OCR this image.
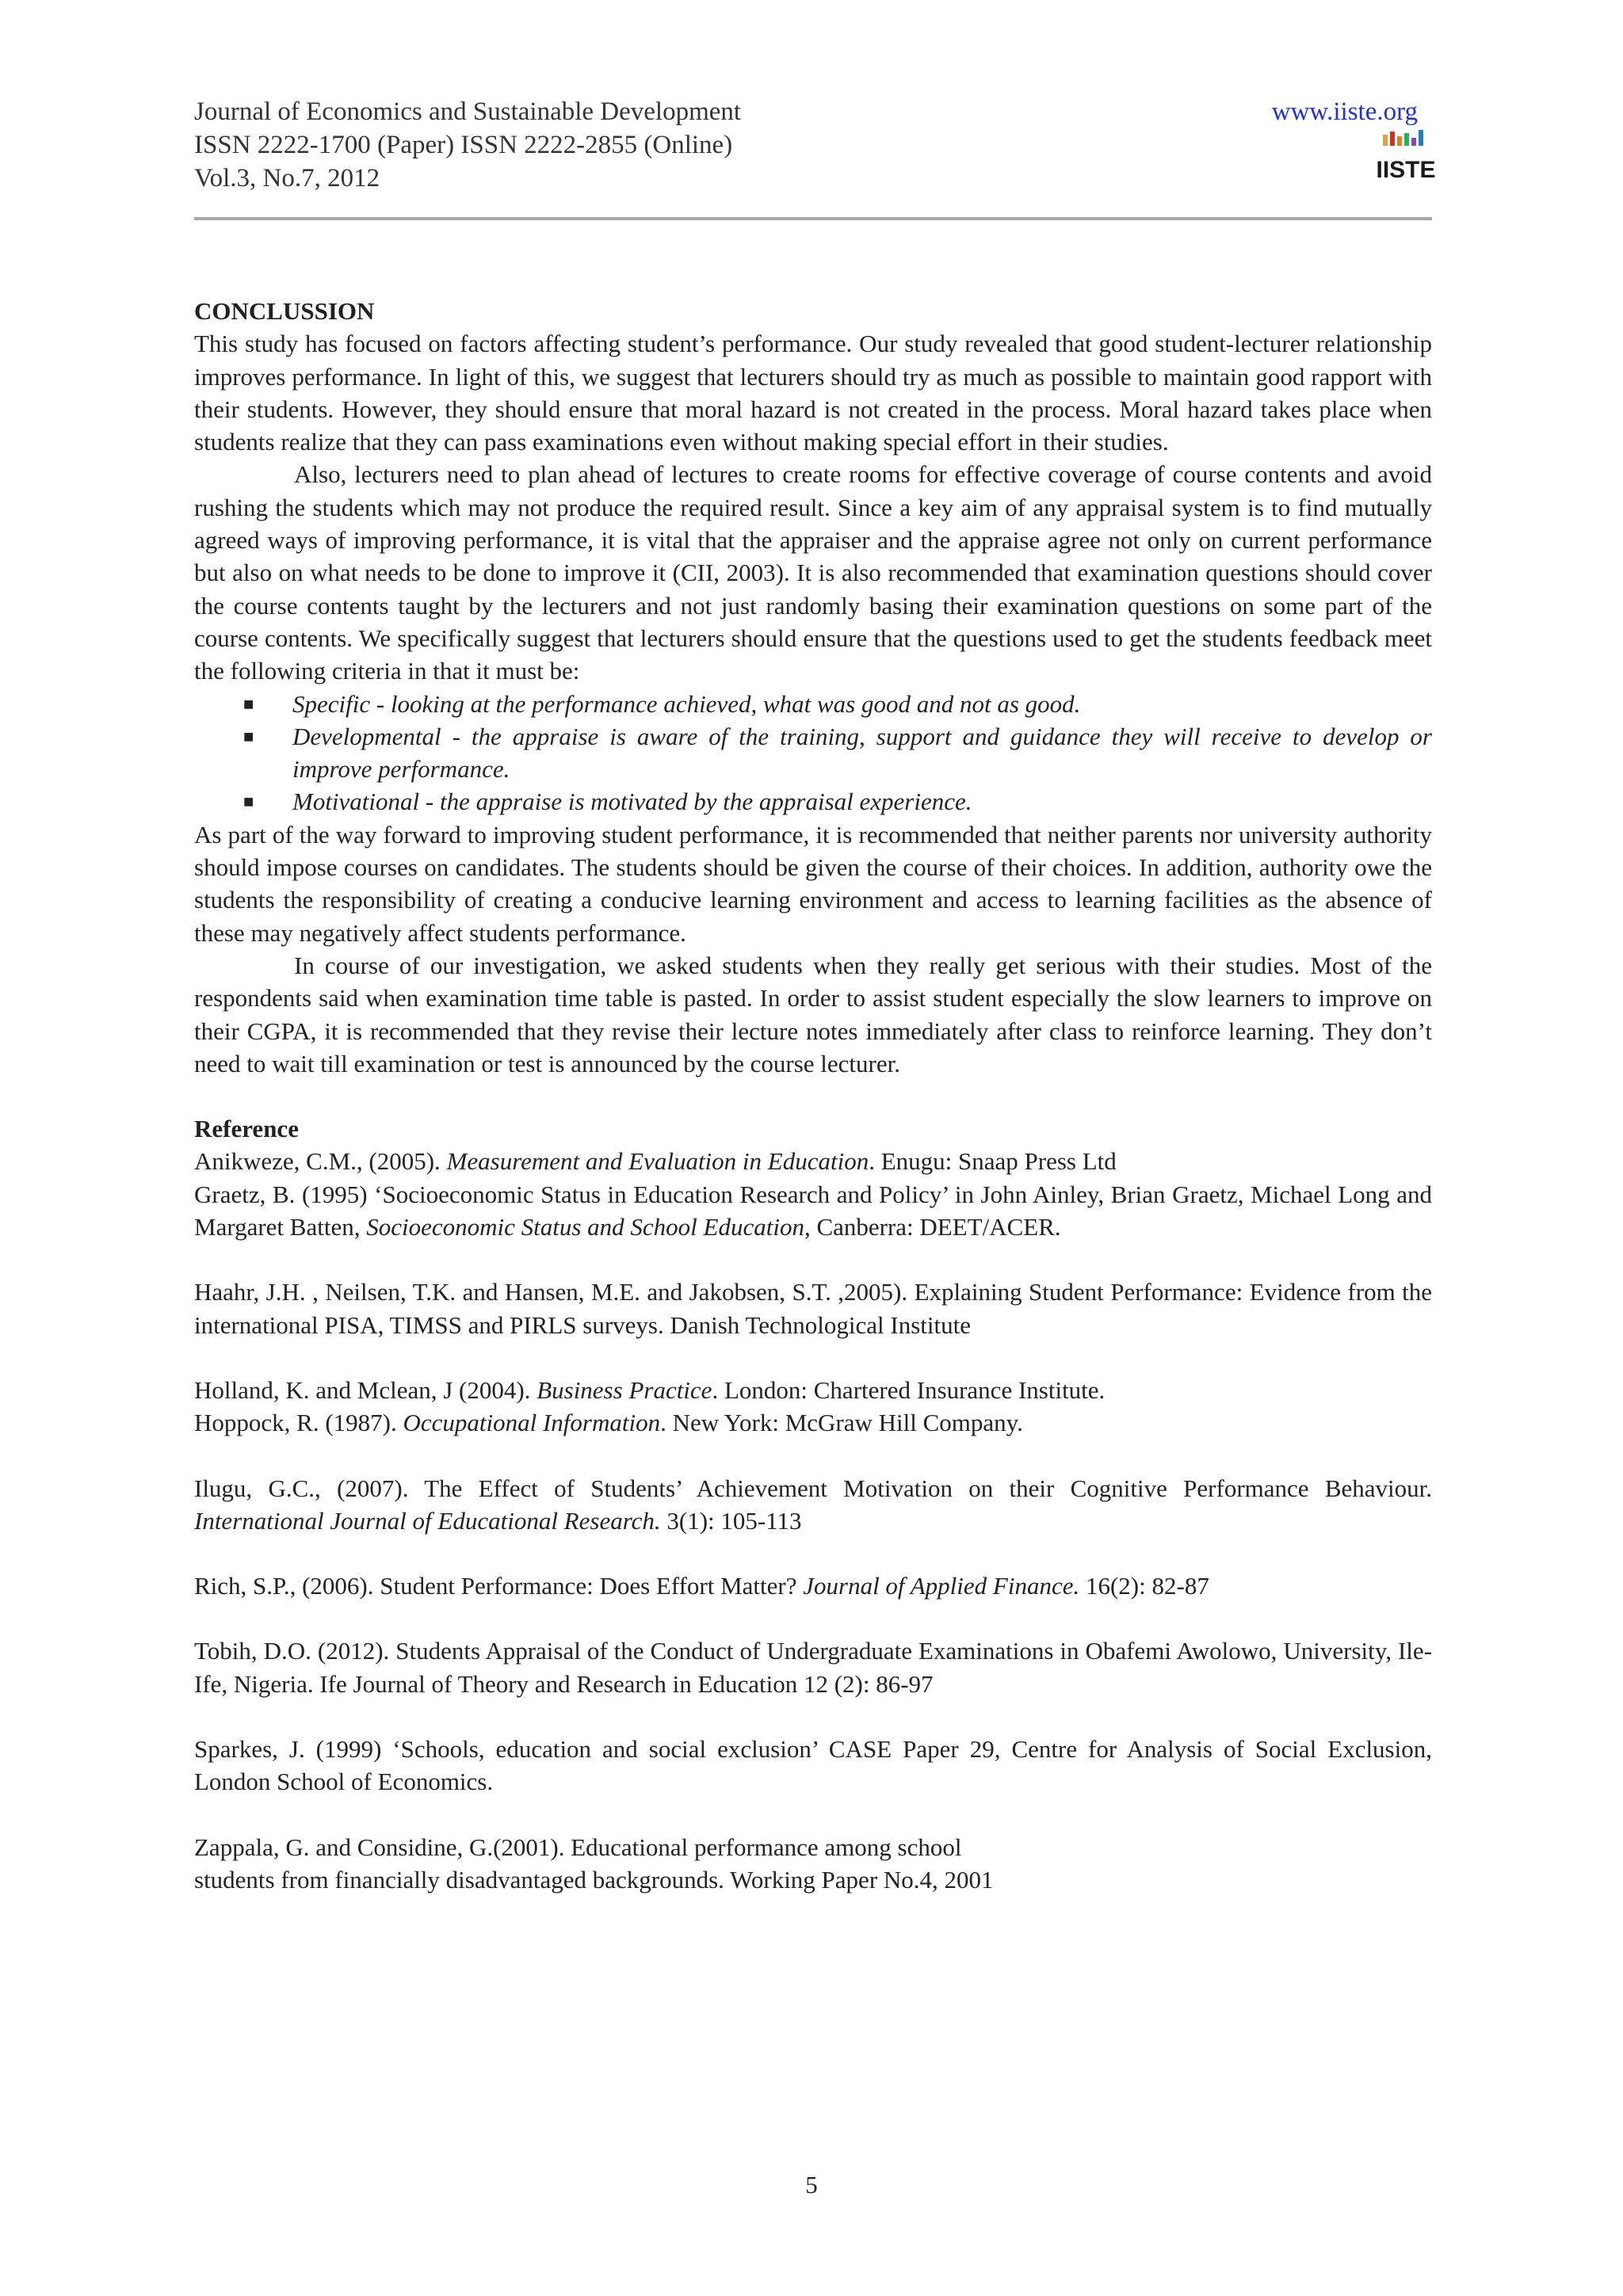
Journal of Economics and Sustainable Development
ISSN 2222-1700 (Paper) ISSN 2222-2855 (Online)
Vol.3, No.7, 2012
www.iiste.org
IISTE

CONCLUSSION

This study has focused on factors affecting student’s performance. Our study revealed that good student-lecturer relationship improves performance. In light of this, we suggest that lecturers should try as much as possible to maintain good rapport with their students. However, they should ensure that moral hazard is not created in the process. Moral hazard takes place when students realize that they can pass examinations even without making special effort in their studies.

Also, lecturers need to plan ahead of lectures to create rooms for effective coverage of course contents and avoid rushing the students which may not produce the required result. Since a key aim of any appraisal system is to find mutually agreed ways of improving performance, it is vital that the appraiser and the appraise agree not only on current performance but also on what needs to be done to improve it (CII, 2003). It is also recommended that examination questions should cover the course contents taught by the lecturers and not just randomly basing their examination questions on some part of the course contents. We specifically suggest that lecturers should ensure that the questions used to get the students feedback meet the following criteria in that it must be:

■ Specific - looking at the performance achieved, what was good and not as good.
■ Developmental - the appraise is aware of the training, support and guidance they will receive to develop or improve performance.
■ Motivational - the appraise is motivated by the appraisal experience.

As part of the way forward to improving student performance, it is recommended that neither parents nor university authority should impose courses on candidates. The students should be given the course of their choices. In addition, authority owe the students the responsibility of creating a conducive learning environment and access to learning facilities as the absence of these may negatively affect students performance.

In course of our investigation, we asked students when they really get serious with their studies. Most of the respondents said when examination time table is pasted. In order to assist student especially the slow learners to improve on their CGPA, it is recommended that they revise their lecture notes immediately after class to reinforce learning. They don’t need to wait till examination or test is announced by the course lecturer.

Reference

Anikweze, C.M., (2005). Measurement and Evaluation in Education. Enugu: Snaap Press Ltd

Graetz, B. (1995) ‘Socioeconomic Status in Education Research and Policy’ in John Ainley, Brian Graetz, Michael Long and Margaret Batten, Socioeconomic Status and School Education, Canberra: DEET/ACER.

Haahr, J.H. , Neilsen, T.K. and Hansen, M.E. and Jakobsen, S.T. ,2005). Explaining Student Performance: Evidence from the international PISA, TIMSS and PIRLS surveys. Danish Technological Institute

Holland, K. and Mclean, J (2004). Business Practice. London: Chartered Insurance Institute.

Hoppock, R. (1987). Occupational Information. New York: McGraw Hill Company.

Ilugu, G.C., (2007). The Effect of Students’ Achievement Motivation on their Cognitive Performance Behaviour. International Journal of Educational Research. 3(1): 105-113

Rich, S.P., (2006). Student Performance: Does Effort Matter? Journal of Applied Finance. 16(2): 82-87

Tobih, D.O. (2012). Students Appraisal of the Conduct of Undergraduate Examinations in Obafemi Awolowo, University, Ile-Ife, Nigeria. Ife Journal of Theory and Research in Education 12 (2): 86-97

Sparkes, J. (1999) ‘Schools, education and social exclusion’ CASE Paper 29, Centre for Analysis of Social Exclusion, London School of Economics.

Zappala, G. and Considine, G.(2001). Educational performance among school
students from financially disadvantaged backgrounds. Working Paper No.4, 2001

5
